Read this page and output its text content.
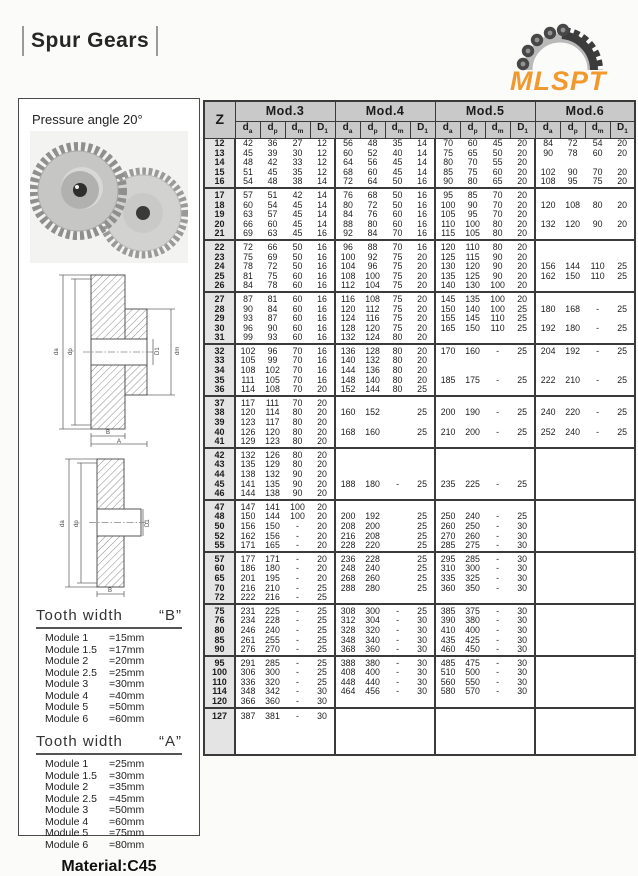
Spur Gears
MLSPT
Pressure angle 20°
da dp	D1 dm
B
A
da dp	D1
B
Tooth width “B”
Module 1	=15mm
Module 1.5	=17mm
Module 2	=20mm
Module 2.5	=25mm
Module 3	=30mm
Module 4	=40mm
Module 5	=50mm
Module 6	=60mm
Tooth width “A”
Module 1	=25mm
Module 1.5	=30mm
Module 2	=35mm
Module 2.5	=45mm
Module 3	=50mm
Module 4	=60mm
Module 5	=75mm
Module 6	=80mm
Material:C45
Z	Mod.3				Mod.4				Mod.5				Mod.6			
	$d_a$	$d_p$	$d_m$	$D_1$	$d_a$	$d_p$	$d_m$	$D_1$	$d_a$	$d_p$	$d_m$	$D_1$	$d_a$	$d_p$	$d_m$	$D_1$
12	42	36	27	12	56	48	35	14	70	60	45	20	84	72	54	20
13	45	39	30	12	60	52	40	14	75	65	50	20	90	78	60	20
14	48	42	33	12	64	56	45	14	80	70	55	20				
15	51	45	35	12	68	60	45	14	85	75	60	20	102	90	70	20
16	54	48	38	14	72	64	50	16	90	80	65	20	108	95	75	20
17	57	51	42	14	76	68	50	16	95	85	70	20				
18	60	54	45	14	80	72	50	16	100	90	70	20	120	108	80	20
19	63	57	45	14	84	76	60	16	105	95	70	20				
20	66	60	45	14	88	80	60	16	110	100	80	20	132	120	90	20
21	69	63	45	16	92	84	70	16	115	105	80	20				
22	72	66	50	16	96	88	70	16	120	110	80	20				
23	75	69	50	16	100	92	75	20	125	115	90	20				
24	78	72	50	16	104	96	75	20	130	120	90	20	156	144	110	25
25	81	75	60	16	108	100	75	20	135	125	90	20	162	150	110	25
26	84	78	60	16	112	104	75	20	140	130	100	20				
27	87	81	60	16	116	108	75	20	145	135	100	20				
28	90	84	60	16	120	112	75	20	150	140	100	25	180	168	-	25
29	93	87	60	16	124	116	75	20	155	145	110	25				
30	96	90	60	16	128	120	75	20	165	150	110	25	192	180	-	25
31	99	93	60	16	132	124	80	20								
32	102	96	70	16	136	128	80	20	170	160	-	25	204	192	-	25
33	105	99	70	16	140	132	80	20								
34	108	102	70	16	144	136	80	20								
35	111	105	70	16	148	140	80	20	185	175	-	25	222	210	-	25
36	114	108	70	20	152	144	80	25								
37	117	111	70	20												
38	120	114	80	20	160	152		25	200	190	-	25	240	220	-	25
39	123	117	80	20												
40	126	120	80	20	168	160		25	210	200	-	25	252	240	-	25
41	129	123	80	20												
42	132	126	80	20												
43	135	129	80	20												
44	138	132	90	20												
45	141	135	90	20	188	180	-	25	235	225	-	25				
46	144	138	90	20												
47	147	141	100	20												
48	150	144	100	20	200	192		25	250	240	-	25				
50	156	150	-	20	208	200		25	260	250	-	30				
52	162	156	-	20	216	208		25	270	260	-	30				
55	171	165	-	20	228	220		25	285	275	-	30				
57	177	171	-	20	236	228		25	295	285	-	30				
60	186	180	-	20	248	240		25	310	300	-	30				
65	201	195	-	20	268	260		25	335	325	-	30				
70	216	210	-	25	288	280		25	360	350	-	30				
72	222	216	-	25												
75	231	225	-	25	308	300	-	25	385	375	-	30				
76	234	228	-	25	312	304	-	30	390	380	-	30				
80	246	240	-	25	328	320	-	30	410	400	-	30				
85	261	255	-	25	348	340	-	30	435	425	-	30				
90	276	270	-	25	368	360	-	30	460	450	-	30				
95	291	285	-	25	388	380	-	30	485	475	-	30				
100	306	300	-	25	408	400	-	30	510	500	-	30				
110	336	320	-	25	448	440	-	30	560	550	-	30				
114	348	342	-	30	464	456	-	30	580	570	-	30				
120	366	360	-	30												
127	387	381	-	30												
